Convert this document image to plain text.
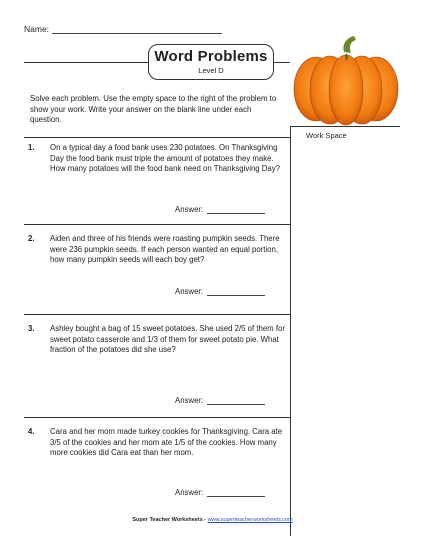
Name:
Word Problems
Level D
Work Space
Solve each problem. Use the empty space to the right of the problem to show your work. Write your answer on the blank line under each question.
1. On a typical day a food bank uses 230 potatoes. On Thanksgiving Day the food bank must triple the amount of potatoes they make. How many potatoes will the food bank need on Thanksgiving Day?
Answer:
2. Aiden and three of his friends were roasting pumpkin seeds. There were 236 pumpkin seeds. If each person wanted an equal portion, how many pumpkin seeds will each boy get?
Answer:
3. Ashley bought a bag of 15 sweet potatoes. She used 2/5 of them for sweet potato casserole and 1/3 of them for sweet potato pie. What fraction of the potatoes did she use?
Answer:
4. Cara and her mom made turkey cookies for Thanksgiving. Cara ate 3/5 of the cookies and her mom ate 1/5 of the cookies. How many more cookies did Cara eat than her mom.
Answer:
Super Teacher Worksheets - www.superteacherworksheets.com
